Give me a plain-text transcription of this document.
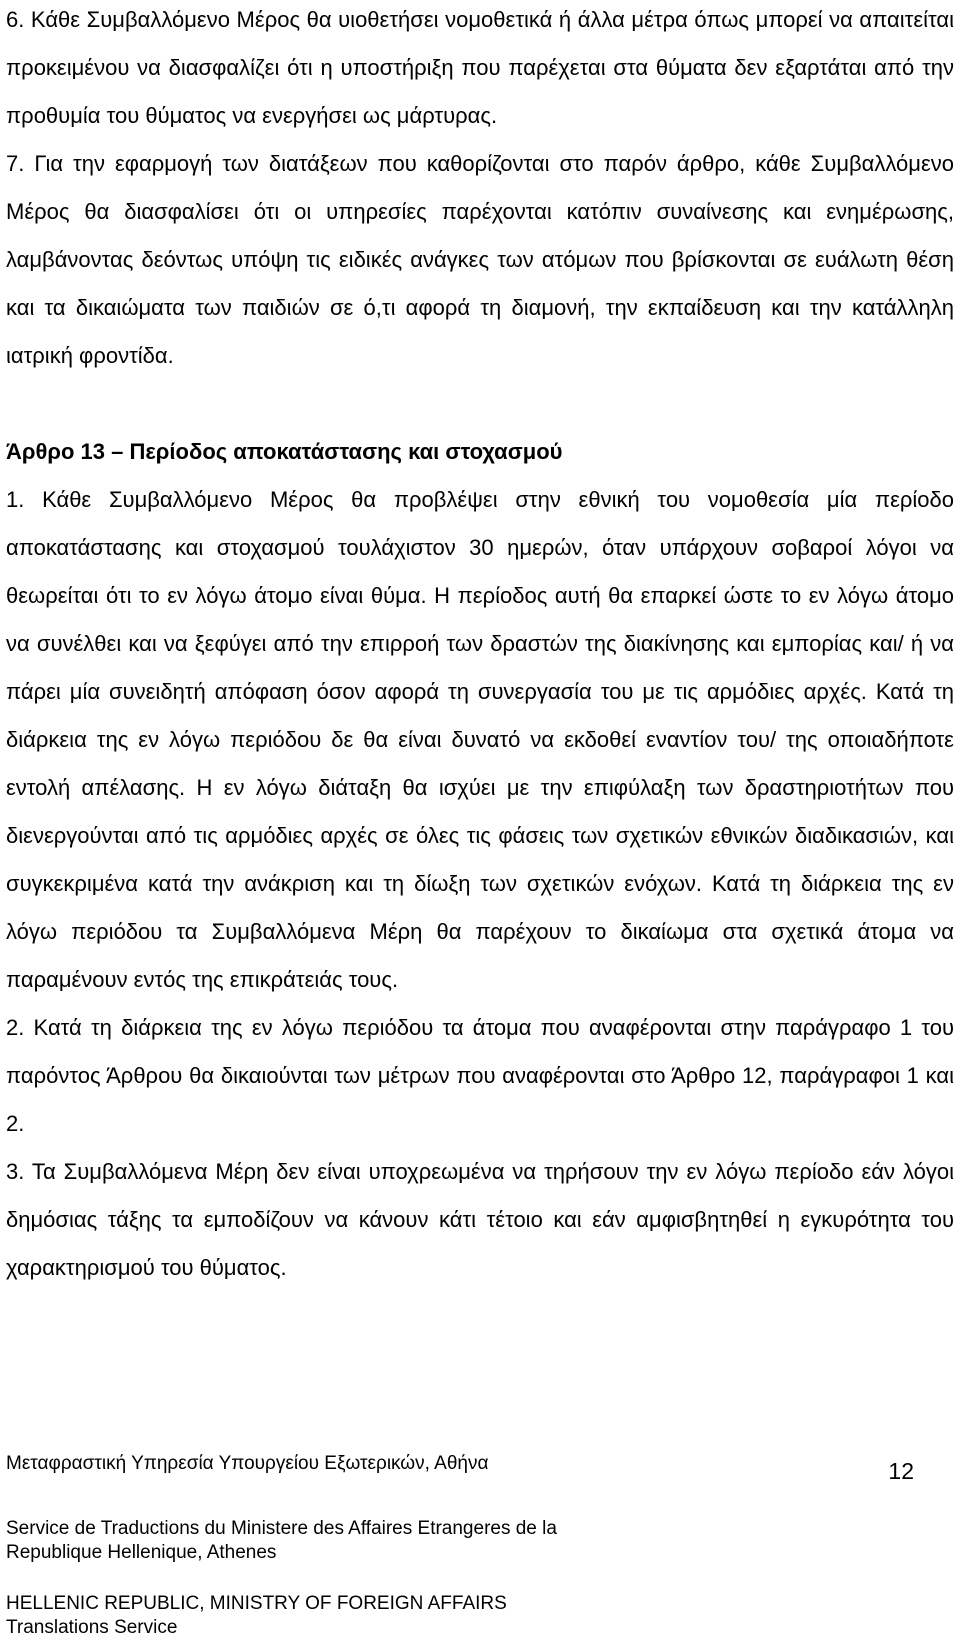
6. Κάθε Συμβαλλόμενο Μέρος θα υιοθετήσει νομοθετικά ή άλλα μέτρα όπως μπορεί να απαιτείται προκειμένου να διασφαλίζει ότι η υποστήριξη που παρέχεται στα θύματα δεν εξαρτάται από την προθυμία του θύματος να ενεργήσει ως μάρτυρας.

7. Για την εφαρμογή των διατάξεων που καθορίζονται στο παρόν άρθρο, κάθε Συμβαλλόμενο Μέρος θα διασφαλίσει ότι οι υπηρεσίες παρέχονται κατόπιν συναίνεσης και ενημέρωσης, λαμβάνοντας δεόντως υπόψη τις ειδικές ανάγκες των ατόμων που βρίσκονται σε ευάλωτη θέση και τα δικαιώματα των παιδιών σε ό,τι αφορά τη διαμονή, την εκπαίδευση και την κατάλληλη ιατρική φροντίδα.

Άρθρο 13 – Περίοδος αποκατάστασης και στοχασμού

1. Κάθε Συμβαλλόμενο Μέρος θα προβλέψει στην εθνική του νομοθεσία μία περίοδο αποκατάστασης και στοχασμού τουλάχιστον 30 ημερών, όταν υπάρχουν σοβαροί λόγοι να θεωρείται ότι το εν λόγω άτομο είναι θύμα. Η περίοδος αυτή θα επαρκεί ώστε το εν λόγω άτομο να συνέλθει και να ξεφύγει από την επιρροή των δραστών της διακίνησης και εμπορίας και/ ή να πάρει μία συνειδητή απόφαση όσον αφορά τη συνεργασία του με τις αρμόδιες αρχές. Κατά τη διάρκεια της εν λόγω περιόδου δε θα είναι δυνατό να εκδοθεί εναντίον του/ της οποιαδήποτε εντολή απέλασης. Η εν λόγω διάταξη θα ισχύει με την επιφύλαξη των δραστηριοτήτων που διενεργούνται από τις αρμόδιες αρχές σε όλες τις φάσεις των σχετικών εθνικών διαδικασιών, και συγκεκριμένα κατά την ανάκριση και τη δίωξη των σχετικών ενόχων. Κατά τη διάρκεια της εν λόγω περιόδου τα Συμβαλλόμενα Μέρη θα παρέχουν το δικαίωμα στα σχετικά άτομα να παραμένουν εντός της επικράτειάς τους.

2. Κατά τη διάρκεια της εν λόγω περιόδου τα άτομα που αναφέρονται στην παράγραφο 1 του παρόντος Άρθρου θα δικαιούνται των μέτρων που αναφέρονται στο Άρθρο 12, παράγραφοι 1 και 2.

3. Τα Συμβαλλόμενα Μέρη δεν είναι υποχρεωμένα να τηρήσουν την εν λόγω περίοδο εάν λόγοι δημόσιας τάξης τα εμποδίζουν να κάνουν κάτι τέτοιο και εάν αμφισβητηθεί η εγκυρότητα του χαρακτηρισμού του θύματος.

Μεταφραστική Υπηρεσία Υπουργείου Εξωτερικών, Αθήνα	12
Service de Traductions du Ministere des Affaires Etrangeres de la
Republique Hellenique, Athenes
HELLENIC REPUBLIC, MINISTRY OF FOREIGN AFFAIRS
Translations Service
